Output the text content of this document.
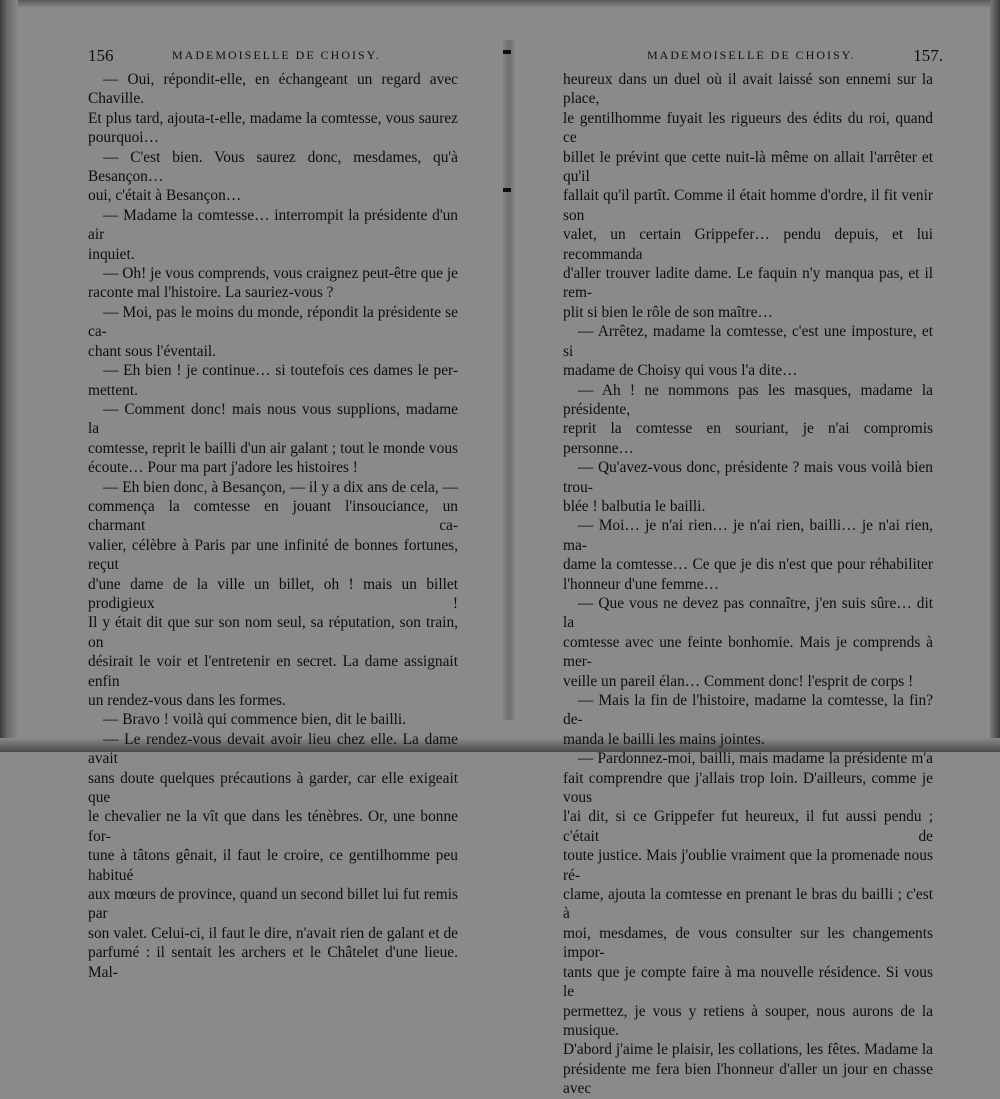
156	MADEMOISELLE DE CHOISY.

— Oui, répondit-elle, en échangeant un regard avec Chaville.

Et plus tard, ajouta-t-elle, madame la comtesse, vous saurez

pourquoi…

— C'est bien. Vous saurez donc, mesdames, qu'à Besançon…

oui, c'était à Besançon…

— Madame la comtesse… interrompit la présidente d'un air

inquiet.

— Oh! je vous comprends, vous craignez peut-être que je

raconte mal l'histoire. La sauriez-vous ?

— Moi, pas le moins du monde, répondit la présidente se ca-

chant sous l'éventail.

— Eh bien ! je continue… si toutefois ces dames le per-

mettent.

— Comment donc! mais nous vous supplions, madame la

comtesse, reprit le bailli d'un air galant ; tout le monde vous

écoute… Pour ma part j'adore les histoires !

— Eh bien donc, à Besançon, — il y a dix ans de cela, —

commença la comtesse en jouant l'insouciance, un charmant ca-

valier, célèbre à Paris par une infinité de bonnes fortunes, reçut

d'une dame de la ville un billet, oh ! mais un billet prodigieux !

Il y était dit que sur son nom seul, sa réputation, son train, on

désirait le voir et l'entretenir en secret. La dame assignait enfin

un rendez-vous dans les formes.

— Bravo ! voilà qui commence bien, dit le bailli.

— Le rendez-vous devait avoir lieu chez elle. La dame avait

sans doute quelques précautions à garder, car elle exigeait que

le chevalier ne la vît que dans les ténèbres. Or, une bonne for-

tune à tâtons gênait, il faut le croire, ce gentilhomme peu habitué

aux mœurs de province, quand un second billet lui fut remis par

son valet. Celui-ci, il faut le dire, n'avait rien de galant et de

parfumé : il sentait les archers et le Châtelet d'une lieue. Mal-

MADEMOISELLE DE CHOISY.	157.

heureux dans un duel où il avait laissé son ennemi sur la place,

le gentilhomme fuyait les rigueurs des édits du roi, quand ce

billet le prévint que cette nuit-là même on allait l'arrêter et qu'il

fallait qu'il partît. Comme il était homme d'ordre, il fit venir son

valet, un certain Grippefer… pendu depuis, et lui recommanda

d'aller trouver ladite dame. Le faquin n'y manqua pas, et il rem-

plit si bien le rôle de son maître…

— Arrêtez, madame la comtesse, c'est une imposture, et si

madame de Choisy qui vous l'a dite…

— Ah ! ne nommons pas les masques, madame la présidente,

reprit la comtesse en souriant, je n'ai compromis personne…

— Qu'avez-vous donc, présidente ? mais vous voilà bien trou-

blée ! balbutia le bailli.

— Moi… je n'ai rien… je n'ai rien, bailli… je n'ai rien, ma-

dame la comtesse… Ce que je dis n'est que pour réhabiliter

l'honneur d'une femme…

— Que vous ne devez pas connaître, j'en suis sûre… dit la

comtesse avec une feinte bonhomie. Mais je comprends à mer-

veille un pareil élan… Comment donc! l'esprit de corps !

— Mais la fin de l'histoire, madame la comtesse, la fin? de-

manda le bailli les mains jointes.

— Pardonnez-moi, bailli, mais madame la présidente m'a

fait comprendre que j'allais trop loin. D'ailleurs, comme je vous

l'ai dit, si ce Grippefer fut heureux, il fut aussi pendu ; c'était de

toute justice. Mais j'oublie vraiment que la promenade nous ré-

clame, ajouta la comtesse en prenant le bras du bailli ; c'est à

moi, mesdames, de vous consulter sur les changements impor-

tants que je compte faire à ma nouvelle résidence. Si vous le

permettez, je vous y retiens à souper, nous aurons de la musique.

D'abord j'aime le plaisir, les collations, les fêtes. Madame la

présidente me fera bien l'honneur d'aller un jour en chasse avec
